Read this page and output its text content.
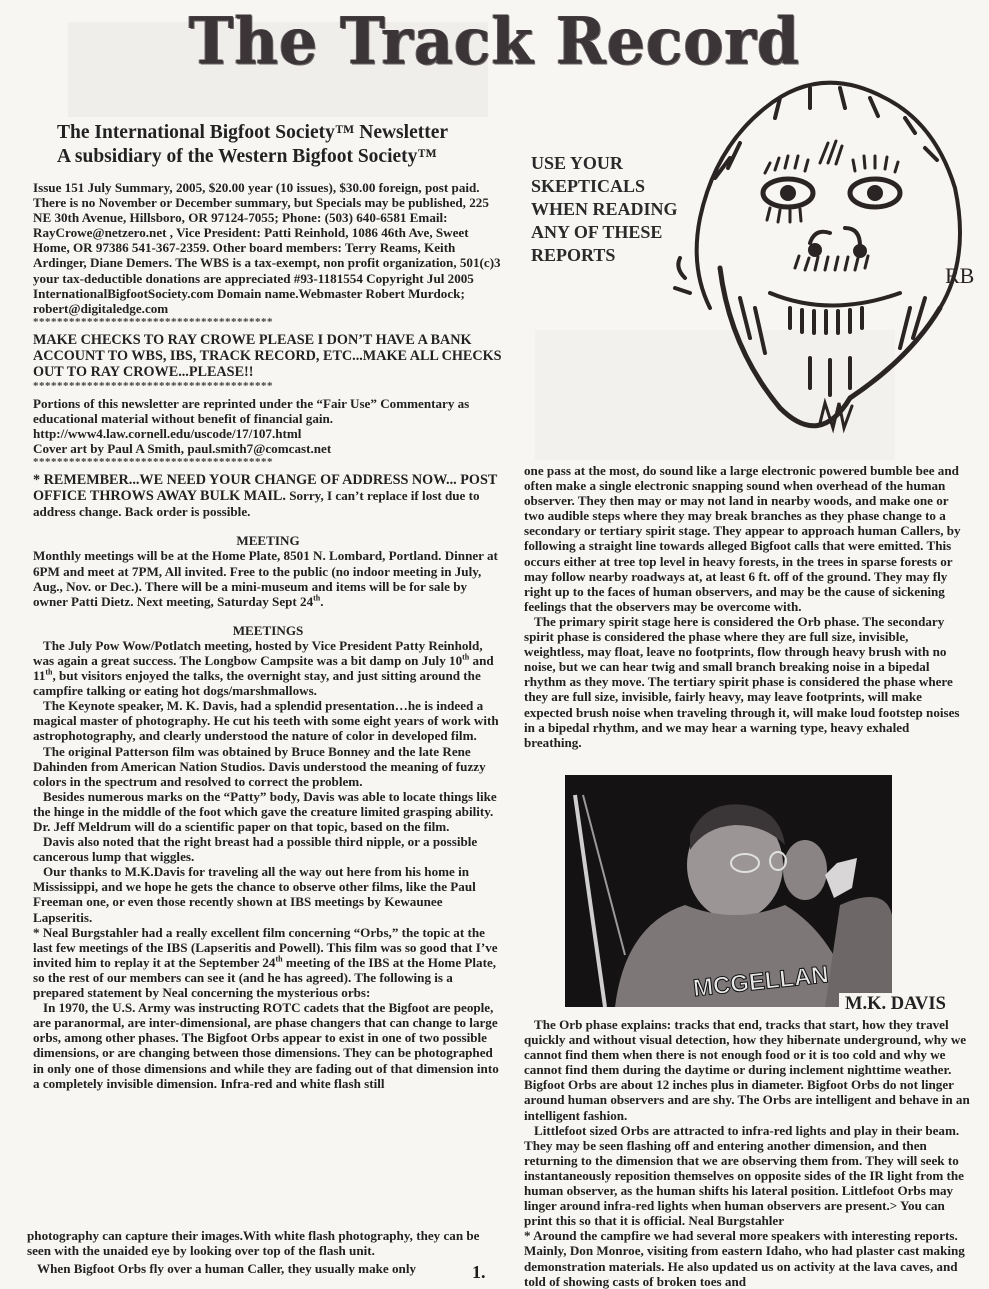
The Track Record
The International Bigfoot Society™ Newsletter
A subsidiary of the Western Bigfoot Society™

Issue 151 July Summary, 2005, $20.00 year (10 issues), $30.00 foreign, post paid. There is no November or December summary, but Specials may be published, 225 NE 30th Avenue, Hillsboro, OR 97124-7055; Phone: (503) 640-6581 Email: RayCrowe@netzero.net , Vice President: Patti Reinhold, 1086 46th Ave, Sweet Home, OR 97386 541-367-2359. Other board members: Terry Reams, Keith Ardinger, Diane Demers. The WBS is a tax-exempt, non profit organization, 501(c)3 your tax-deductible donations are appreciated #93-1181554 Copyright Jul 2005 InternationalBigfootSociety.com Domain name.Webmaster Robert Murdock; robert@digitaledge.com

****************************************

MAKE CHECKS TO RAY CROWE PLEASE I DON’T HAVE A BANK ACCOUNT TO WBS, IBS, TRACK RECORD, ETC...MAKE ALL CHECKS OUT TO RAY CROWE...PLEASE!!

****************************************

Portions of this newsletter are reprinted under the “Fair Use” Commentary as educational material without benefit of financial gain.

http://www4.law.cornell.edu/uscode/17/107.html

Cover art by Paul A Smith, paul.smith7@comcast.net

****************************************

* REMEMBER...WE NEED YOUR CHANGE OF ADDRESS NOW... POST OFFICE THROWS AWAY BULK MAIL. Sorry, I can’t replace if lost due to address change. Back order is possible.

MEETING

Monthly meetings will be at the Home Plate, 8501 N. Lombard, Portland. Dinner at 6PM and meet at 7PM, All invited. Free to the public (no indoor meeting in July, Aug., Nov. or Dec.). There will be a mini-museum and items will be for sale by owner Patti Dietz. Next meeting, Saturday Sept 24th.

MEETINGS

The July Pow Wow/Potlatch meeting, hosted by Vice President Patty Reinhold, was again a great success. The Longbow Campsite was a bit damp on July 10th and 11th, but visitors enjoyed the talks, the overnight stay, and just sitting around the campfire talking or eating hot dogs/marshmallows.

The Keynote speaker, M. K. Davis, had a splendid presentation…he is indeed a magical master of photography. He cut his teeth with some eight years of work with astrophotography, and clearly understood the nature of color in developed film.

The original Patterson film was obtained by Bruce Bonney and the late Rene Dahinden from American Nation Studios. Davis understood the meaning of fuzzy colors in the spectrum and resolved to correct the problem.

Besides numerous marks on the “Patty” body, Davis was able to locate things like the hinge in the middle of the foot which gave the creature limited grasping ability. Dr. Jeff Meldrum will do a scientific paper on that topic, based on the film.

Davis also noted that the right breast had a possible third nipple, or a possible cancerous lump that wiggles.

Our thanks to M.K.Davis for traveling all the way out here from his home in Mississippi, and we hope he gets the chance to observe other films, like the Paul Freeman one, or even those recently shown at IBS meetings by Kewaunee Lapseritis.

* Neal Burgstahler had a really excellent film concerning “Orbs,” the topic at the last few meetings of the IBS (Lapseritis and Powell). This film was so good that I’ve invited him to replay it at the September 24th meeting of the IBS at the Home Plate, so the rest of our members can see it (and he has agreed). The following is a prepared statement by Neal concerning the mysterious orbs:

In 1970, the U.S. Army was instructing ROTC cadets that the Bigfoot are people, are paranormal, are inter-dimensional, are phase changers that can change to large orbs, among other phases. The Bigfoot Orbs appear to exist in one of two possible dimensions, or are changing between those dimensions. They can be photographed in only one of those dimensions and while they are fading out of that dimension into a completely invisible dimension. Infra-red and white flash still

photography can capture their images.With white flash photography, they can be seen with the unaided eye by looking over top of the flash unit.

When Bigfoot Orbs fly over a human Caller, they usually make only

USE YOUR
SKEPTICALS
WHEN READING
ANY OF THESE
REPORTS
RB

one pass at the most, do sound like a large electronic powered bumble bee and often make a single electronic snapping sound when overhead of the human observer. They then may or may not land in nearby woods, and make one or two audible steps where they may break branches as they phase change to a secondary or tertiary spirit stage. They appear to approach human Callers, by following a straight line towards alleged Bigfoot calls that were emitted. This occurs either at tree top level in heavy forests, in the trees in sparse forests or may follow nearby roadways at, at least 6 ft. off of the ground. They may fly right up to the faces of human observers, and may be the cause of sickening feelings that the observers may be overcome with.

The primary spirit stage here is considered the Orb phase. The secondary spirit phase is considered the phase where they are full size, invisible, weightless, may float, leave no footprints, flow through heavy brush with no noise, but we can hear twig and small branch breaking noise in a bipedal rhythm as they move. The tertiary spirit phase is considered the phase where they are full size, invisible, fairly heavy, may leave footprints, will make expected brush noise when traveling through it, will make loud footstep noises in a bipedal rhythm, and we may hear a warning type, heavy exhaled breathing.

MCGELLAN
M.K. DAVIS

The Orb phase explains: tracks that end, tracks that start, how they travel quickly and without visual detection, how they hibernate underground, why we cannot find them when there is not enough food or it is too cold and why we cannot find them during the daytime or during inclement nighttime weather. Bigfoot Orbs are about 12 inches plus in diameter. Bigfoot Orbs do not linger around human observers and are shy. The Orbs are intelligent and behave in an intelligent fashion.

Littlefoot sized Orbs are attracted to infra-red lights and play in their beam. They may be seen flashing off and entering another dimension, and then returning to the dimension that we are observing them from. They will seek to instantaneously reposition themselves on opposite sides of the IR light from the human observer, as the human shifts his lateral position. Littlefoot Orbs may linger around infra-red lights when human observers are present.> You can print this so that it is official. Neal Burgstahler

* Around the campfire we had several more speakers with interesting reports. Mainly, Don Monroe, visiting from eastern Idaho, who had plaster cast making demonstration materials. He also updated us on activity at the lava caves, and told of showing casts of broken toes and

1.
